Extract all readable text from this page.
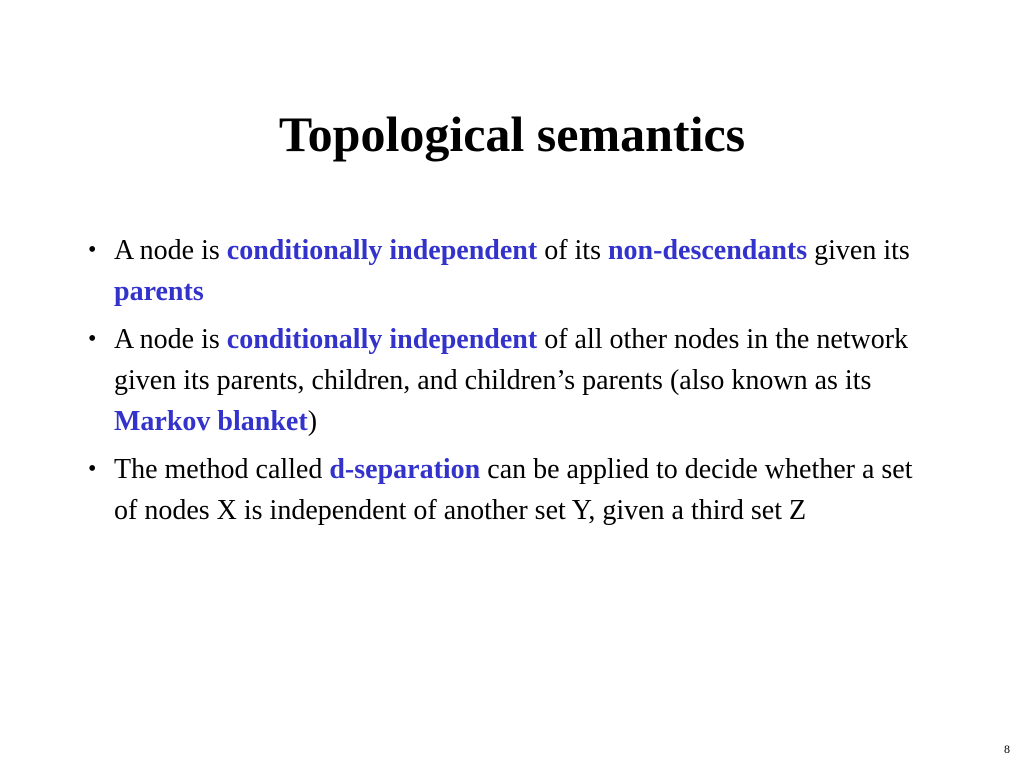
Topological semantics
• A node is conditionally independent of its non-descendants given its parents
• A node is conditionally independent of all other nodes in the network given its parents, children, and children’s parents (also known as its Markov blanket)
• The method called d-separation can be applied to decide whether a set of nodes X is independent of another set Y, given a third set Z
8
